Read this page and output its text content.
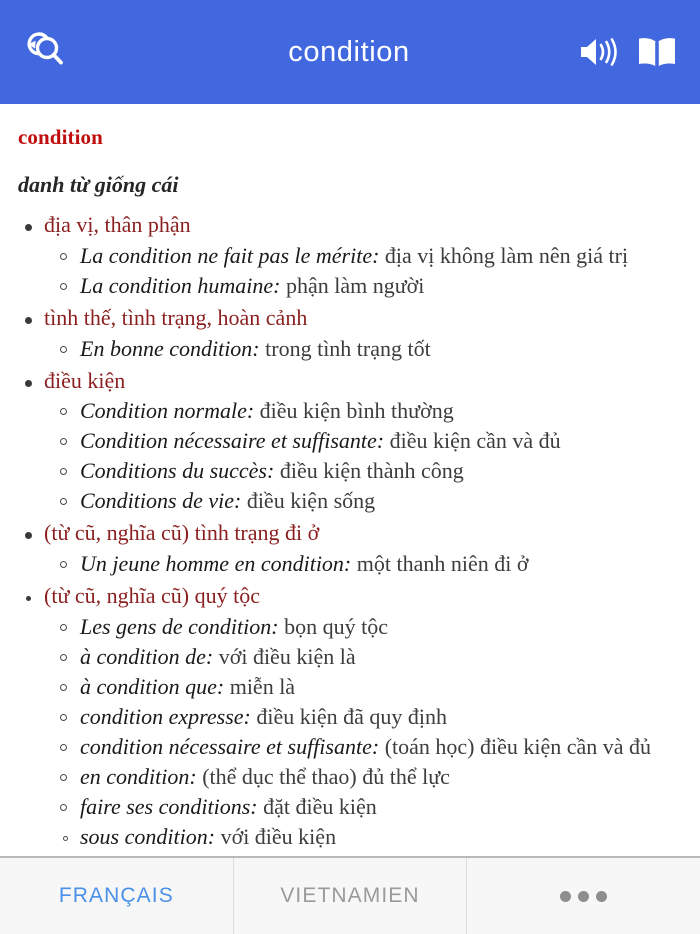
condition
condition
danh từ giống cái
địa vị, thân phận
La condition ne fait pas le mérite: địa vị không làm nên giá trị
La condition humaine: phận làm người
tình thế, tình trạng, hoàn cảnh
En bonne condition: trong tình trạng tốt
điều kiện
Condition normale: điều kiện bình thường
Condition nécessaire et suffisante: điều kiện cần và đủ
Conditions du succès: điều kiện thành công
Conditions de vie: điều kiện sống
(từ cũ, nghĩa cũ) tình trạng đi ở
Un jeune homme en condition: một thanh niên đi ở
(từ cũ, nghĩa cũ) quý tộc
Les gens de condition: bọn quý tộc
à condition de: với điều kiện là
à condition que: miễn là
condition expresse: điều kiện đã quy định
condition nécessaire et suffisante: (toán học) điều kiện cần và đủ
en condition: (thể dục thể thao) đủ thể lực
faire ses conditions: đặt điều kiện
sous condition: với điều kiện
FRANÇAIS	VIETNAMIEN
